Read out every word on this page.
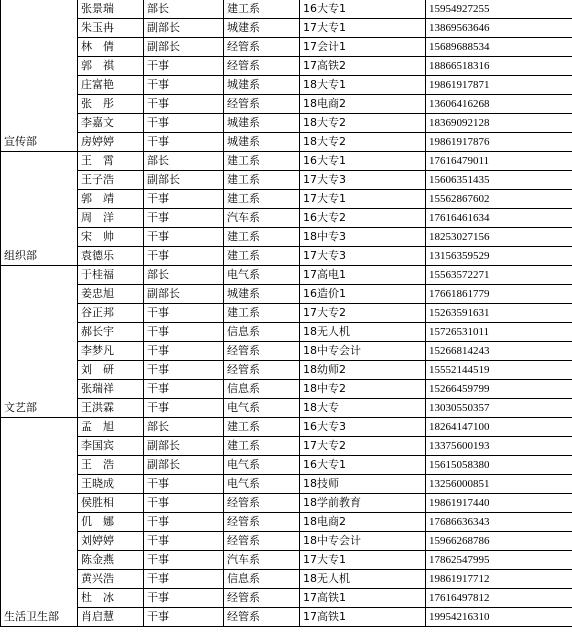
宣传部	张景瑞	部长	建工系	16大专1	15954927255
	朱玉冉	副部长	城建系	17大专1	13869563646
	林　倩	副部长	经管系	17会计1	15689688534
	郭　祺	干事	经管系	17高铁2	18866518316
	庄富艳	干事	城建系	18大专1	19861917871
	张　彤	干事	经管系	18电商2	13606416268
	李嘉文	干事	城建系	18大专2	18369092128
	房婷婷	干事	城建系	18大专2	19861917876
组织部	王　霄	部长	建工系	16大专1	17616479011
	王子浩	副部长	建工系	17大专3	15606351435
	郭　靖	干事	建工系	17大专1	15562867602
	周　洋	干事	汽车系	16大专2	17616461634
	宋　帅	干事	建工系	18中专3	18253027156
	袁德乐	干事	建工系	17大专3	13156359529
文艺部	于桂福	部长	电气系	17高电1	15563572271
	姜忠旭	副部长	城建系	16造价1	17661861779
	谷正邦	干事	建工系	17大专2	15263591631
	郝长宇	干事	信息系	18无人机	15726531011
	李梦凡	干事	经管系	18中专会计	15266814243
	刘　研	干事	经管系	18幼师2	15552144519
	张瑞祥	干事	信息系	18中专2	15266459799
	王洪霖	干事	电气系	18大专	13030550357
生活卫生部	孟　旭	部长	建工系	16大专3	18264147100
	李国宾	副部长	建工系	17大专2	13375600193
	王　浩	副部长	电气系	16大专1	15615058380
	王晓成	干事	电气系	18技师	13256000851
	侯胜相	干事	经管系	18学前教育	19861917440
	仉　娜	干事	经管系	18电商2	17686636343
	刘婷婷	干事	经管系	18中专会计	15966268786
	陈金燕	干事	汽车系	17大专1	17862547995
	黄兴浩	干事	信息系	18无人机	19861917712
	杜　冰	干事	经管系	17高铁1	17616497812
	肖启慧	干事	经管系	17高铁1	19954216310
